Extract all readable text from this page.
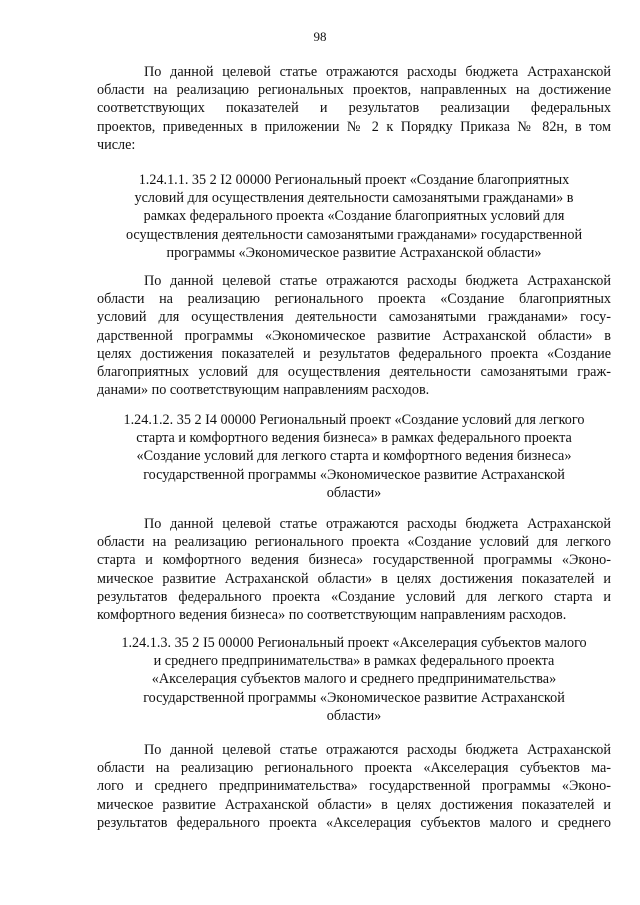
98
По данной целевой статье отражаются расходы бюджета Астраханской
области на реализацию региональных проектов, направленных на достижение
соответствующих показателей и результатов реализации федеральных
проектов, приведенных в приложении № 2 к Порядку Приказа № 82н, в том
числе:
1.24.1.1. 35 2 I2 00000 Региональный проект «Создание благоприятных
условий для осуществления деятельности самозанятыми гражданами» в
рамках федерального проекта «Создание благоприятных условий для
осуществления деятельности самозанятыми гражданами» государственной
программы «Экономическое развитие Астраханской области»
По данной целевой статье отражаются расходы бюджета Астраханской
области на реализацию регионального проекта «Создание благоприятных
условий для осуществления деятельности самозанятыми гражданами» госу-
дарственной программы «Экономическое развитие Астраханской области» в
целях достижения показателей и результатов федерального проекта «Создание
благоприятных условий для осуществления деятельности самозанятыми граж-
данами» по соответствующим направлениям расходов.
1.24.1.2. 35 2 I4 00000 Региональный проект «Создание условий для легкого
старта и комфортного ведения бизнеса» в рамках федерального проекта
«Создание условий для легкого старта и комфортного ведения бизнеса»
государственной программы «Экономическое развитие Астраханской
области»
По данной целевой статье отражаются расходы бюджета Астраханской
области на реализацию регионального проекта «Создание условий для легкого
старта и комфортного ведения бизнеса» государственной программы «Эконо-
мическое развитие Астраханской области» в целях достижения показателей и
результатов федерального проекта «Создание условий для легкого старта и
комфортного ведения бизнеса» по соответствующим направлениям расходов.
1.24.1.3. 35 2 I5 00000 Региональный проект «Акселерация субъектов малого
и среднего предпринимательства» в рамках федерального проекта
«Акселерация субъектов малого и среднего предпринимательства»
государственной программы «Экономическое развитие Астраханской
области»
По данной целевой статье отражаются расходы бюджета Астраханской
области на реализацию регионального проекта «Акселерация субъектов ма-
лого и среднего предпринимательства» государственной программы «Эконо-
мическое развитие Астраханской области» в целях достижения показателей и
результатов федерального проекта «Акселерация субъектов малого и среднего
